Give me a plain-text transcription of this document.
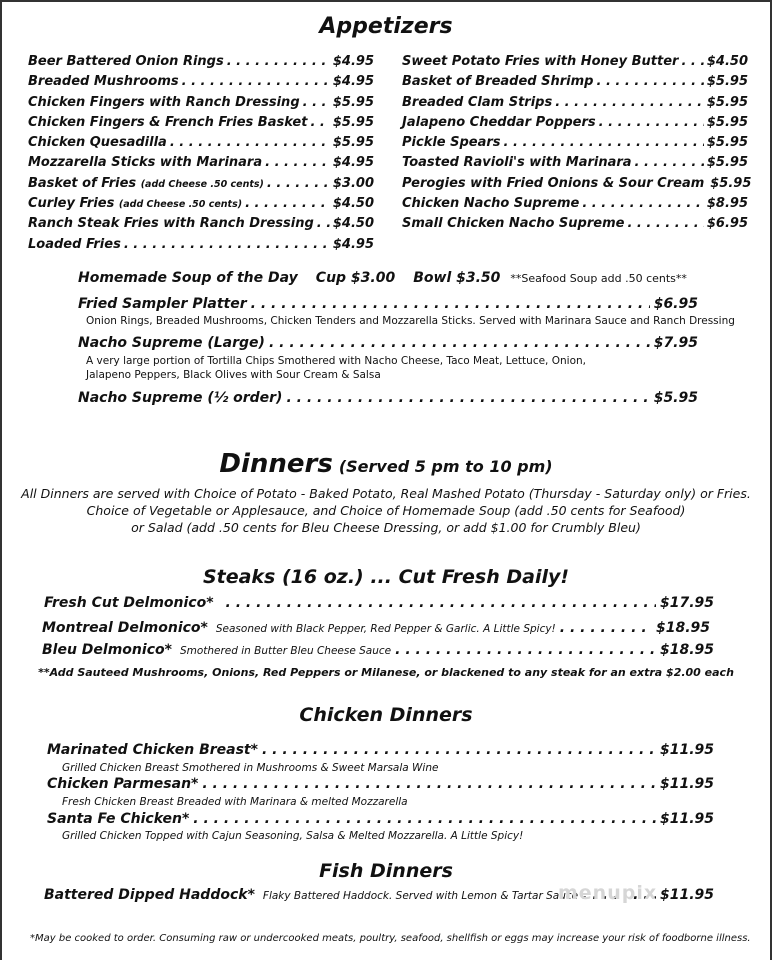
Appetizers
Beer Battered Onion Rings . . .	$4.95
Breaded Mushrooms . . .	$4.95
Chicken Fingers with Ranch Dressing . . .	$5.95
Chicken Fingers & French Fries Basket . . . $5.95
Chicken Quesadilla . . .	$5.95
Mozzarella Sticks with Marinara . . .	$4.95
Basket of Fries
(add Cheese .50 cents) . . .	$3.00
Curley Fries
(add Cheese .50 cents) . . .	$4.50
Ranch Steak Fries with Ranch Dressing . . . $4.50
Loaded Fries . . .	$4.95
Sweet Potato Fries with Honey Butter . . . $4.50
Basket of Breaded Shrimp . . .	$5.95
Breaded Clam Strips . . .	$5.95
Jalapeno Cheddar Poppers . . .	$5.95
Pickle Spears . . .	$5.95
Toasted Ravioli's with Marinara . . .	$5.95
Perogies with Fried Onions & Sour Cream $5.95
Chicken Nacho Supreme . . .	$8.95
Small Chicken Nacho Supreme . . .	$6.95
Homemade Soup of the Day Cup $3.00 Bowl $3.50 **Seafood Soup add .50 cents**
Fried Sampler Platter . . .	$6.95
Onion Rings, Breaded Mushrooms, Chicken Tenders and Mozzarella Sticks. Served with Marinara Sauce and Ranch Dressing
Nacho Supreme (Large) . . .	$7.95
A very large portion of Tortilla Chips Smothered with Nacho Cheese, Taco Meat, Lettuce, Onion,
Jalapeno Peppers, Black Olives with Sour Cream & Salsa
Nacho Supreme (½ order) . . .	$5.95
Dinners (Served 5 pm to 10 pm)
All Dinners are served with Choice of Potato - Baked Potato, Real Mashed Potato (Thursday - Saturday only) or Fries.
Choice of Vegetable or Applesauce, and Choice of Homemade Soup (add .50 cents for Seafood)
or Salad (add .50 cents for Bleu Cheese Dressing, or add $1.00 for Crumbly Bleu)
Steaks (16 oz.) ... Cut Fresh Daily!
Fresh Cut Delmonico* . . .	$17.95
Montreal Delmonico* Seasoned with Black Pepper, Red Pepper & Garlic. A Little Spicy! . . .	$18.95
Bleu Delmonico* Smothered in Butter Bleu Cheese Sauce . . .	$18.95
**Add Sauteed Mushrooms, Onions, Red Peppers or Milanese, or blackened to any steak for an extra $2.00 each
Chicken Dinners
Marinated Chicken Breast* . . .	$11.95
Grilled Chicken Breast Smothered in Mushrooms & Sweet Marsala Wine
Chicken Parmesan* . . .	$11.95
Fresh Chicken Breast Breaded with Marinara & melted Mozzarella
Santa Fe Chicken* . . .	$11.95
Grilled Chicken Topped with Cajun Seasoning, Salsa & Melted Mozzarella. A Little Spicy!
Fish Dinners
Battered Dipped Haddock* Flaky Battered Haddock. Served with Lemon & Tartar Sauce . . .	$11.95
menupix
*May be cooked to order. Consuming raw or undercooked meats, poultry, seafood, shellfish or eggs may increase your risk of foodborne illness.
